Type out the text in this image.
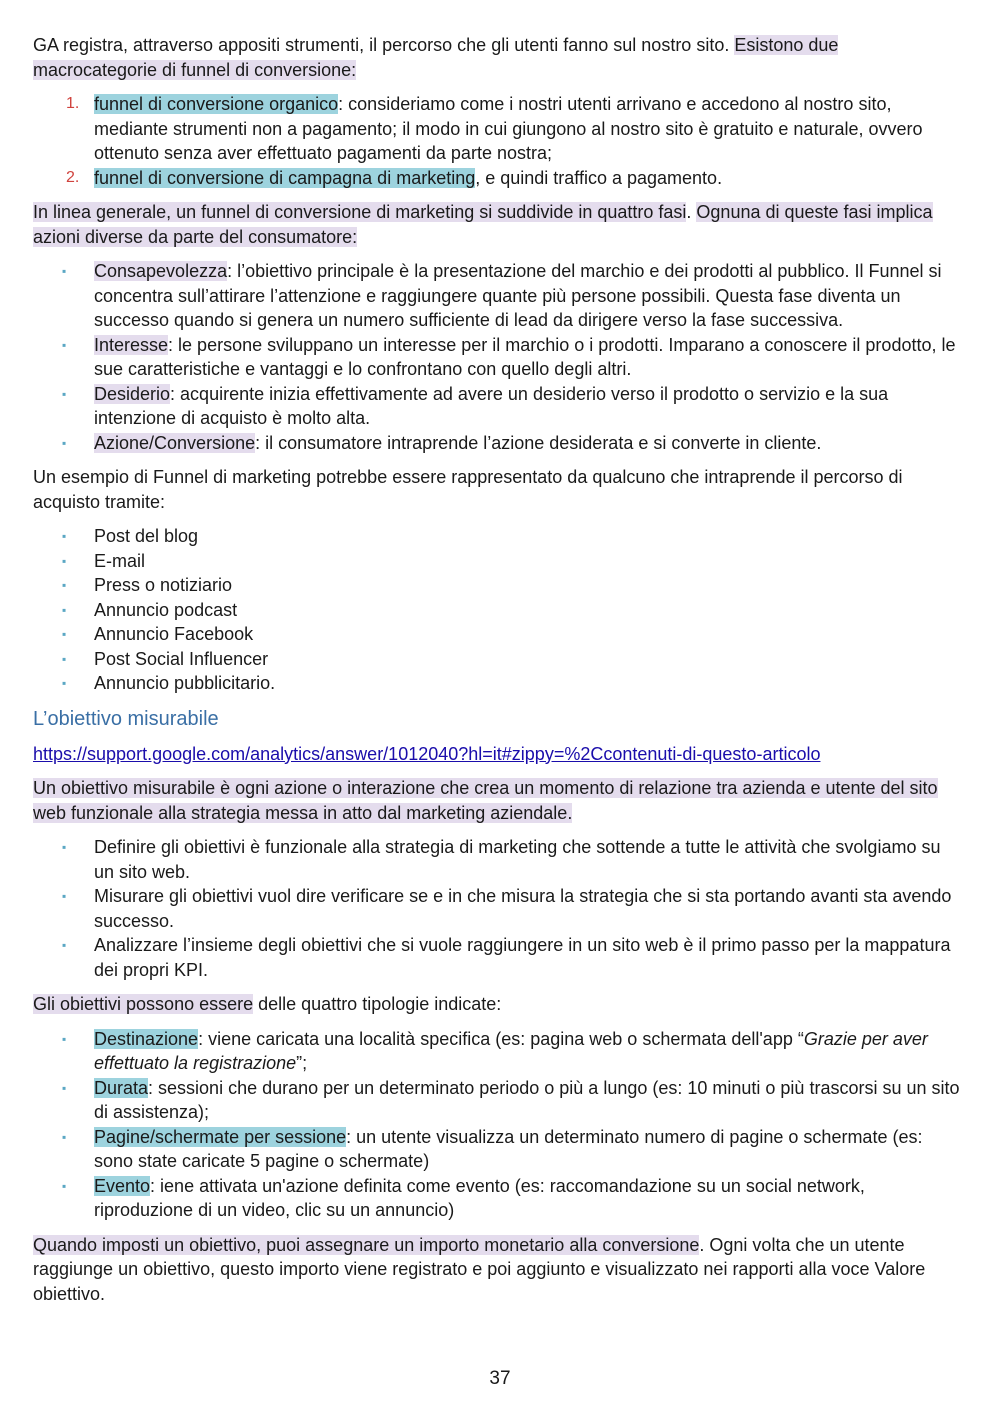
GA registra, attraverso appositi strumenti, il percorso che gli utenti fanno sul nostro sito. Esistono due macrocategorie di funnel di conversione:

1. funnel di conversione organico: consideriamo come i nostri utenti arrivano e accedono al nostro sito, mediante strumenti non a pagamento; il modo in cui giungono al nostro sito è gratuito e naturale, ovvero ottenuto senza aver effettuato pagamenti da parte nostra;
2. funnel di conversione di campagna di marketing, e quindi traffico a pagamento.

In linea generale, un funnel di conversione di marketing si suddivide in quattro fasi. Ognuna di queste fasi implica azioni diverse da parte del consumatore:

▪ Consapevolezza: l’obiettivo principale è la presentazione del marchio e dei prodotti al pubblico. Il Funnel si concentra sull’attirare l’attenzione e raggiungere quante più persone possibili. Questa fase diventa un successo quando si genera un numero sufficiente di lead da dirigere verso la fase successiva.
▪ Interesse: le persone sviluppano un interesse per il marchio o i prodotti. Imparano a conoscere il prodotto, le sue caratteristiche e vantaggi e lo confrontano con quello degli altri.
▪ Desiderio: acquirente inizia effettivamente ad avere un desiderio verso il prodotto o servizio e la sua intenzione di acquisto è molto alta.
▪ Azione/Conversione: il consumatore intraprende l’azione desiderata e si converte in cliente.

Un esempio di Funnel di marketing potrebbe essere rappresentato da qualcuno che intraprende il percorso di acquisto tramite:

▪ Post del blog
▪ E-mail
▪ Press o notiziario
▪ Annuncio podcast
▪ Annuncio Facebook
▪ Post Social Influencer
▪ Annuncio pubblicitario.
L’obiettivo misurabile
https://support.google.com/analytics/answer/1012040?hl=it#zippy=%2Ccontenuti-di-questo-articolo

Un obiettivo misurabile è ogni azione o interazione che crea un momento di relazione tra azienda e utente del sito web funzionale alla strategia messa in atto dal marketing aziendale.

▪ Definire gli obiettivi è funzionale alla strategia di marketing che sottende a tutte le attività che svolgiamo su un sito web.
▪ Misurare gli obiettivi vuol dire verificare se e in che misura la strategia che si sta portando avanti sta avendo successo.
▪ Analizzare l’insieme degli obiettivi che si vuole raggiungere in un sito web è il primo passo per la mappatura dei propri KPI.

Gli obiettivi possono essere delle quattro tipologie indicate:

▪ Destinazione: viene caricata una località specifica (es: pagina web o schermata dell'app “Grazie per aver effettuato la registrazione”;
▪ Durata: sessioni che durano per un determinato periodo o più a lungo (es: 10 minuti o più trascorsi su un sito di assistenza);
▪ Pagine/schermate per sessione: un utente visualizza un determinato numero di pagine o schermate (es: sono state caricate 5 pagine o schermate)
▪ Evento: iene attivata un'azione definita come evento (es: raccomandazione su un social network, riproduzione di un video, clic su un annuncio)

Quando imposti un obiettivo, puoi assegnare un importo monetario alla conversione. Ogni volta che un utente raggiunge un obiettivo, questo importo viene registrato e poi aggiunto e visualizzato nei rapporti alla voce Valore obiettivo.

37
